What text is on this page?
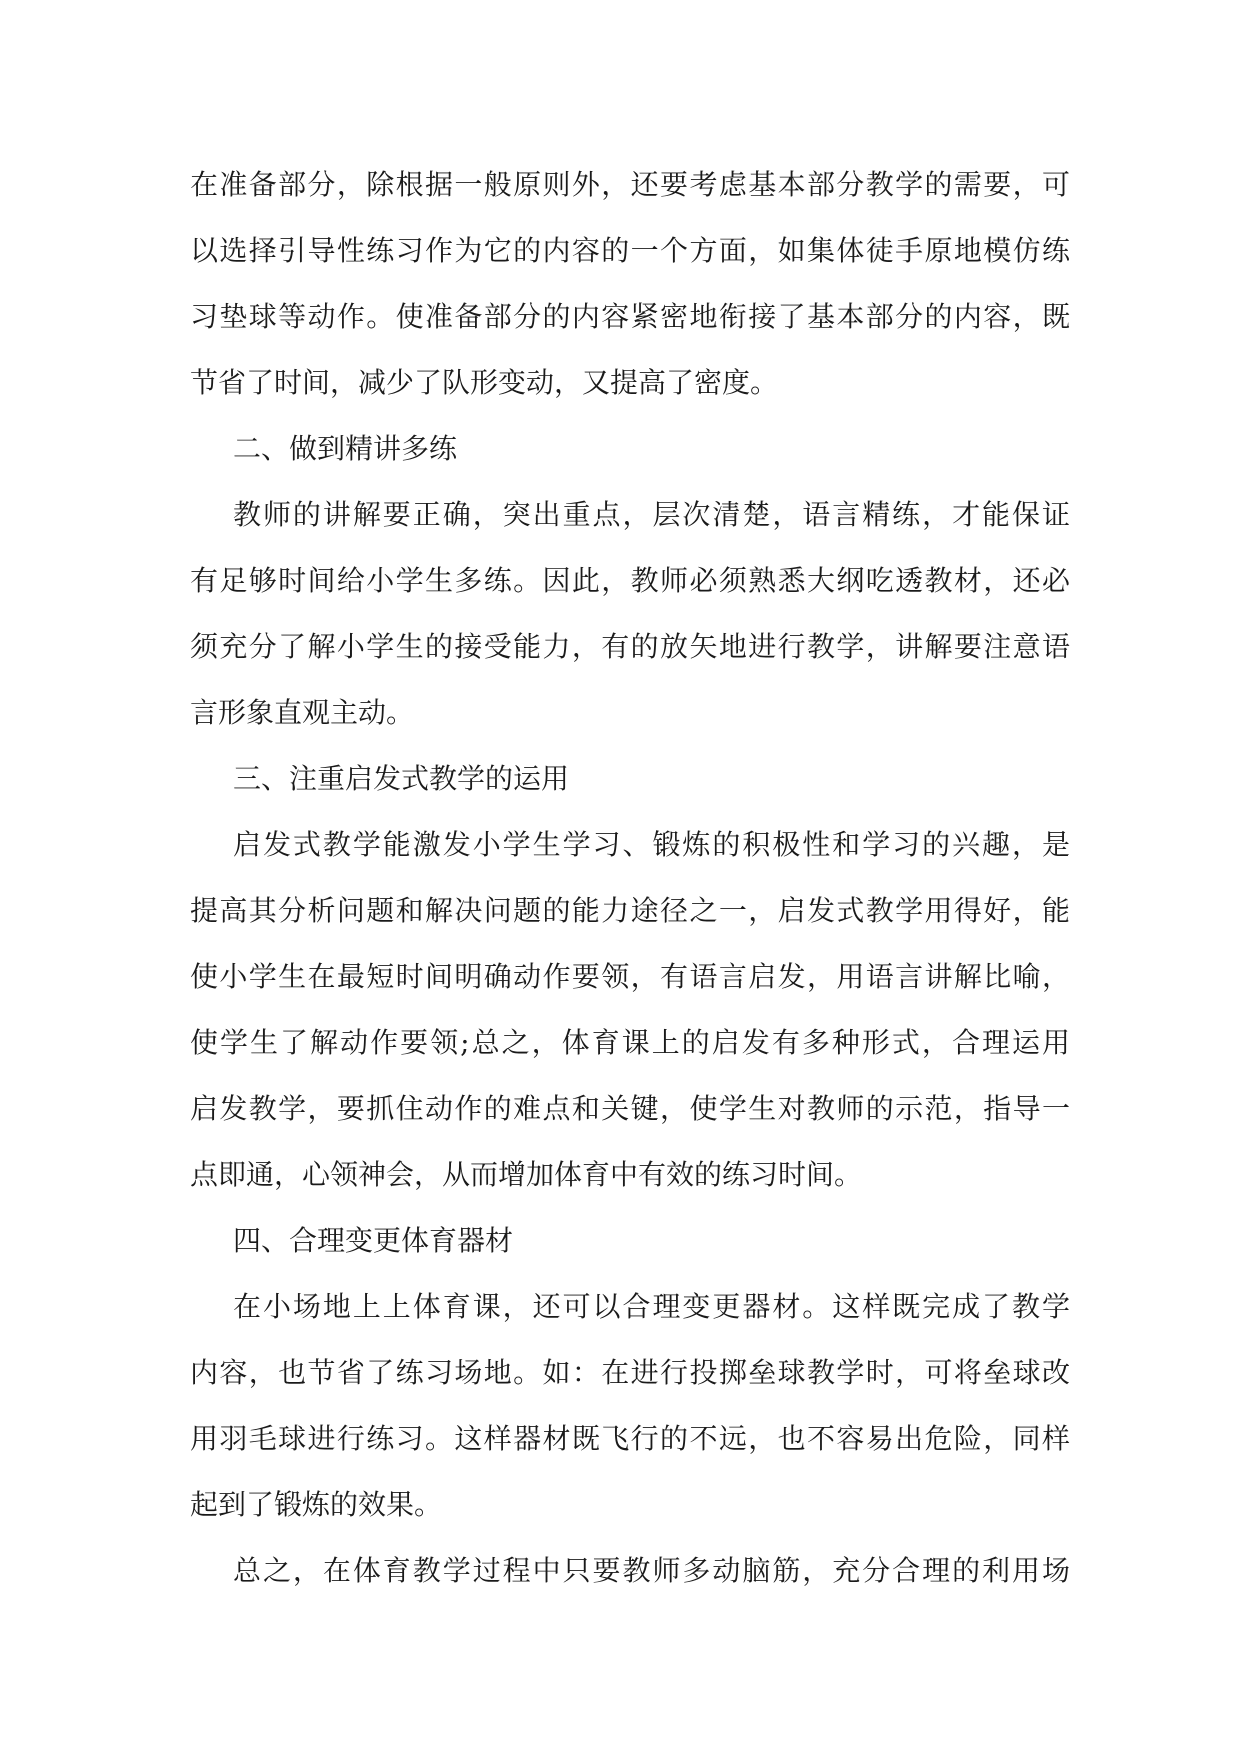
在准备部分，除根据一般原则外，还要考虑基本部分教学的需要，可
以选择引导性练习作为它的内容的一个方面，如集体徒手原地模仿练
习垫球等动作。使准备部分的内容紧密地衔接了基本部分的内容，既
节省了时间，减少了队形变动，又提高了密度。
二、做到精讲多练
教师的讲解要正确，突出重点，层次清楚，语言精练，才能保证
有足够时间给小学生多练。因此，教师必须熟悉大纲吃透教材，还必
须充分了解小学生的接受能力，有的放矢地进行教学，讲解要注意语
言形象直观主动。
三、注重启发式教学的运用
启发式教学能激发小学生学习、锻炼的积极性和学习的兴趣，是
提高其分析问题和解决问题的能力途径之一，启发式教学用得好，能
使小学生在最短时间明确动作要领，有语言启发，用语言讲解比喻，
使学生了解动作要领;总之，体育课上的启发有多种形式，合理运用
启发教学，要抓住动作的难点和关键，使学生对教师的示范，指导一
点即通，心领神会，从而增加体育中有效的练习时间。
四、合理变更体育器材
在小场地上上体育课，还可以合理变更器材。这样既完成了教学
内容，也节省了练习场地。如：在进行投掷垒球教学时，可将垒球改
用羽毛球进行练习。这样器材既飞行的不远，也不容易出危险，同样
起到了锻炼的效果。
总之，在体育教学过程中只要教师多动脑筋，充分合理的利用场
